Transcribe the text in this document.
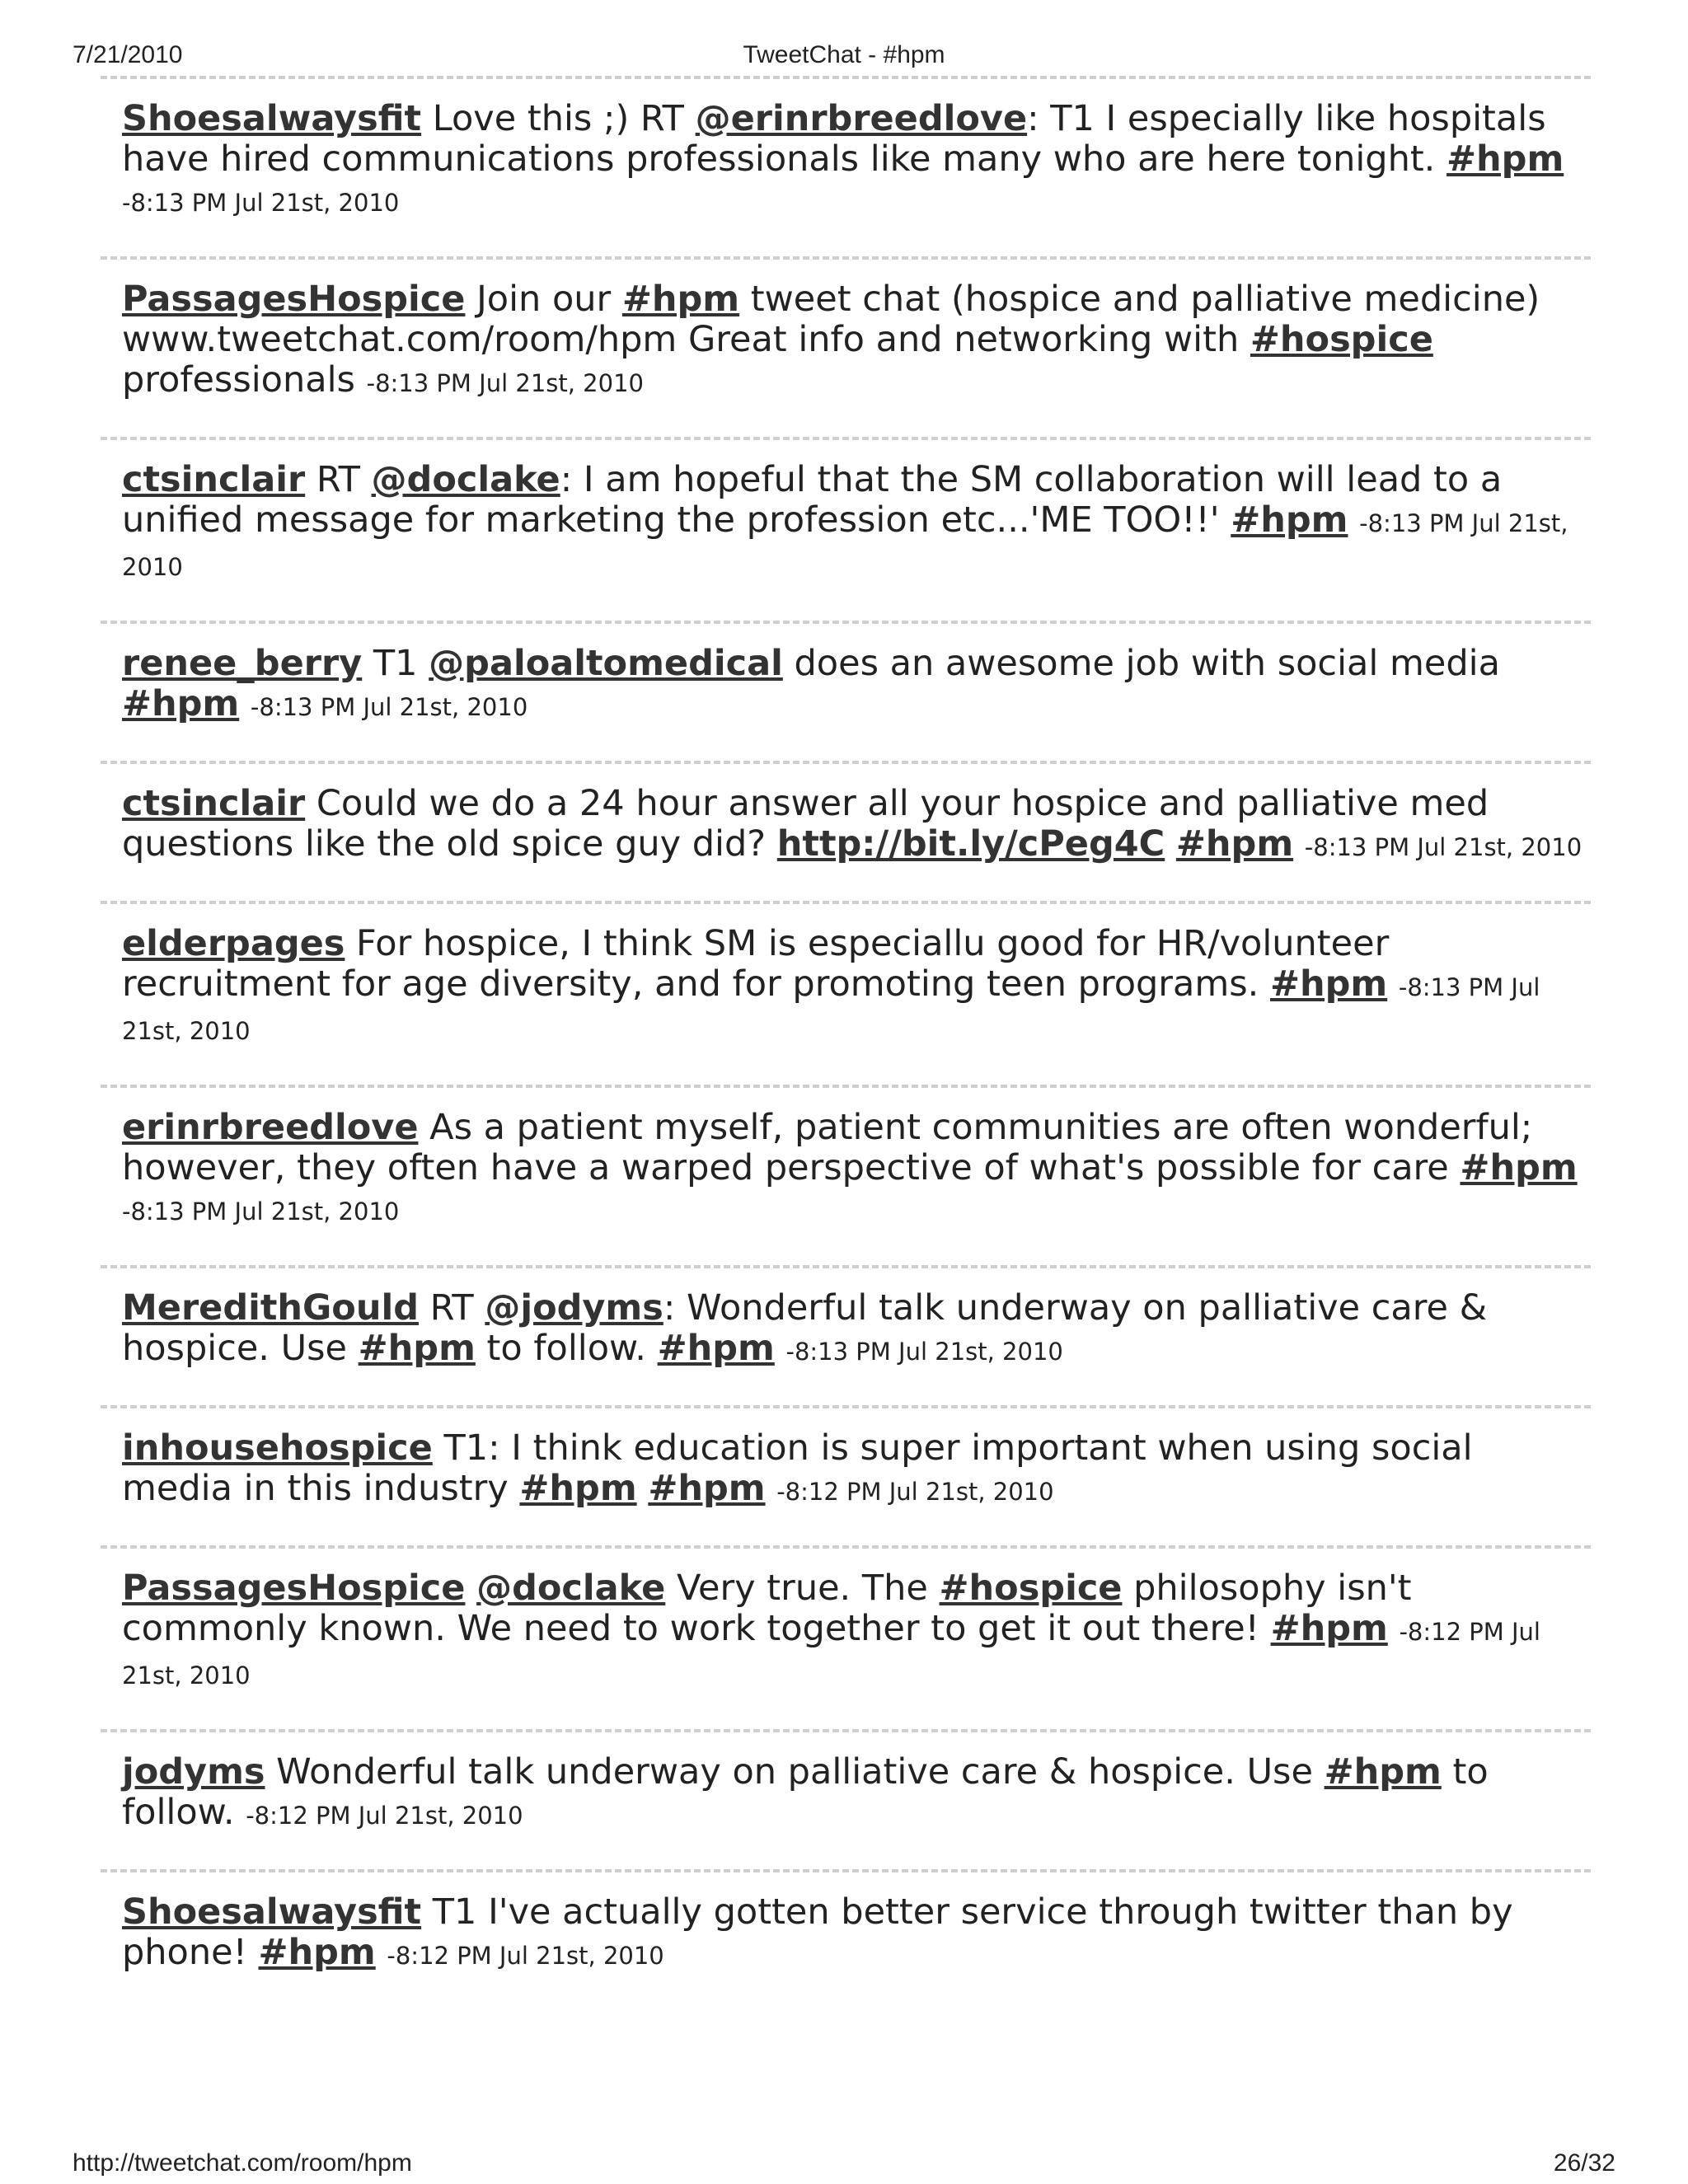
7/21/2010	TweetChat - #hpm
Shoesalwaysfit Love this ;) RT @erinrbreedlove: T1 I especially like hospitals have hired communications professionals like many who are here tonight. #hpm -8:13 PM Jul 21st, 2010
PassagesHospice Join our #hpm tweet chat (hospice and palliative medicine) www.tweetchat.com/room/hpm Great info and networking with #hospice professionals -8:13 PM Jul 21st, 2010
ctsinclair RT @doclake: I am hopeful that the SM collaboration will lead to a unified message for marketing the profession etc...'ME TOO!!' #hpm -8:13 PM Jul 21st, 2010
renee_berry T1 @paloaltomedical does an awesome job with social media #hpm -8:13 PM Jul 21st, 2010
ctsinclair Could we do a 24 hour answer all your hospice and palliative med questions like the old spice guy did? http://bit.ly/cPeg4C #hpm -8:13 PM Jul 21st, 2010
elderpages For hospice, I think SM is especiallu good for HR/volunteer recruitment for age diversity, and for promoting teen programs. #hpm -8:13 PM Jul 21st, 2010
erinrbreedlove As a patient myself, patient communities are often wonderful; however, they often have a warped perspective of what's possible for care #hpm -8:13 PM Jul 21st, 2010
MeredithGould RT @jodyms: Wonderful talk underway on palliative care & hospice. Use #hpm to follow. #hpm -8:13 PM Jul 21st, 2010
inhousehospice T1: I think education is super important when using social media in this industry #hpm #hpm -8:12 PM Jul 21st, 2010
PassagesHospice @doclake Very true. The #hospice philosophy isn't commonly known. We need to work together to get it out there! #hpm -8:12 PM Jul 21st, 2010
jodyms Wonderful talk underway on palliative care & hospice. Use #hpm to follow. -8:12 PM Jul 21st, 2010
Shoesalwaysfit T1 I've actually gotten better service through twitter than by phone! #hpm -8:12 PM Jul 21st, 2010
http://tweetchat.com/room/hpm	26/32
